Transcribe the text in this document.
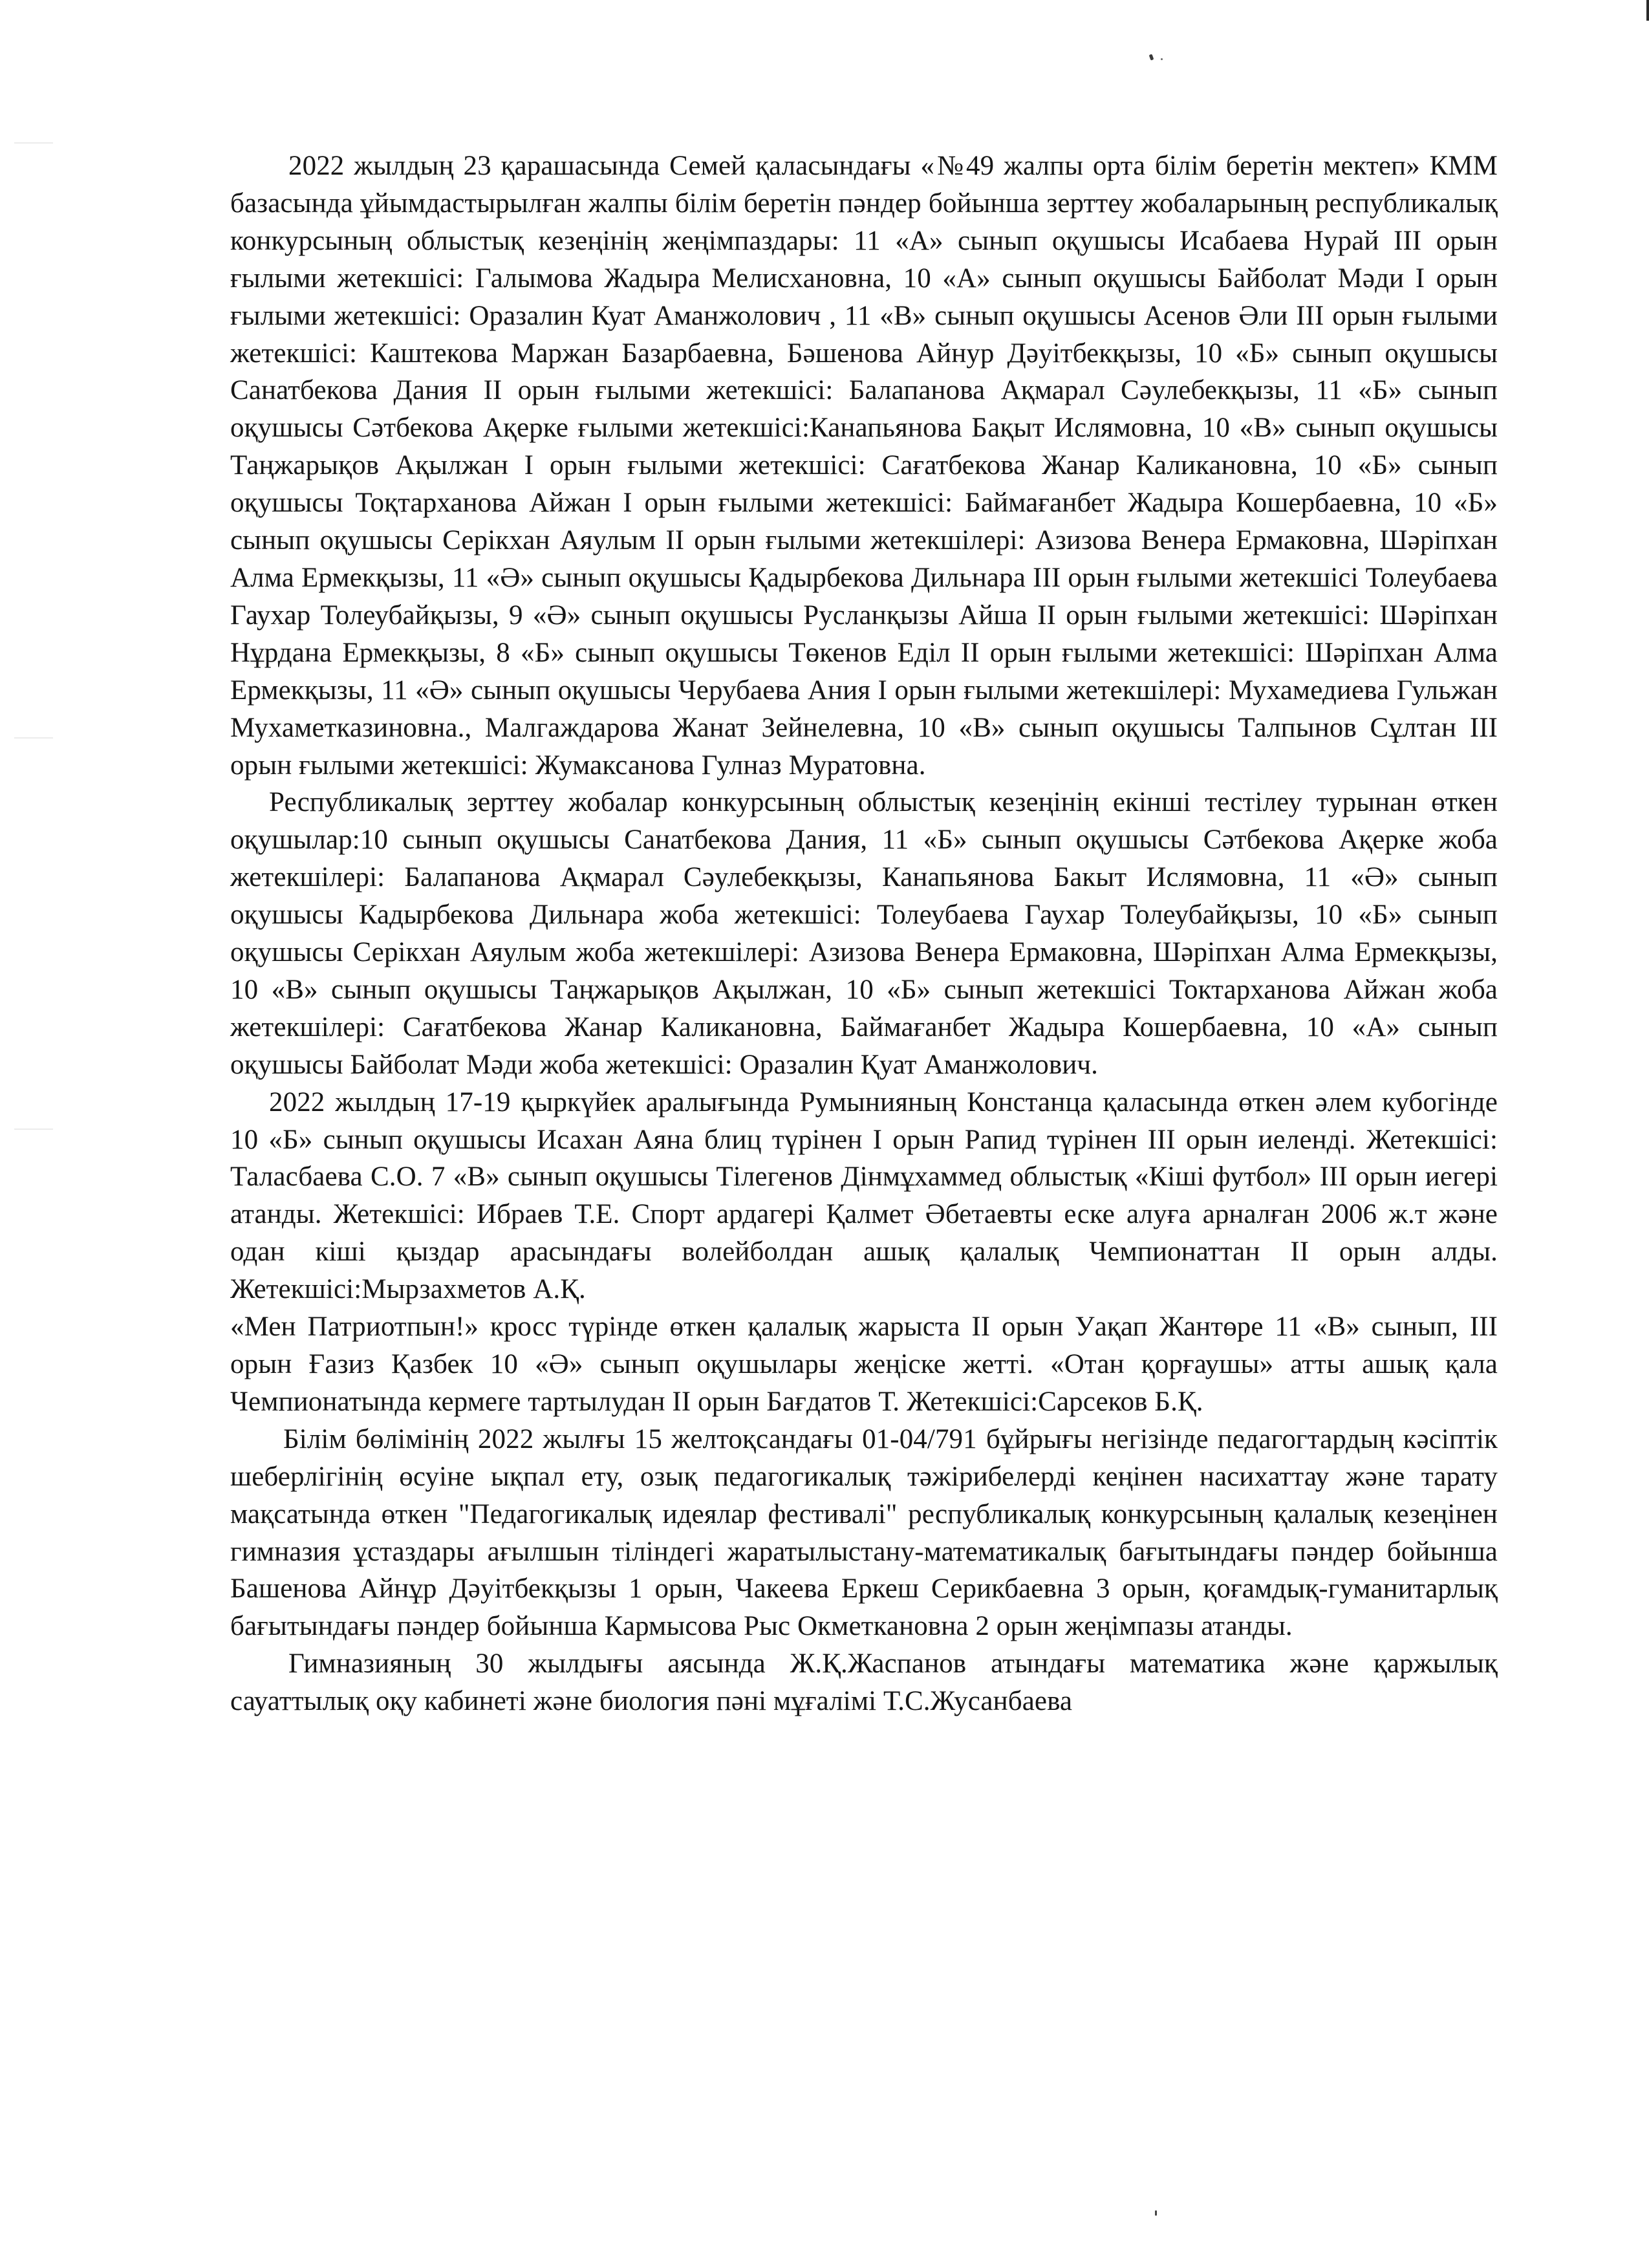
2022 жылдың 23 қарашасында Семей қаласындағы «№49 жалпы орта білім беретін мектеп» КММ базасында ұйымдастырылған жалпы білім беретін пәндер бойынша зерттеу жобаларының республикалық конкурсының облыстық кезеңінің жеңімпаздары: 11 «А» сынып оқушысы Исабаева Нурай ІІІ орын ғылыми жетекшісі: Галымова Жадыра Мелисхановна, 10 «А» сынып оқушысы Байболат Мәди І орын ғылыми жетекшісі: Оразалин Куат Аманжолович , 11 «В» сынып оқушысы Асенов Әли ІІІ орын ғылыми жетекшісі: Каштекова Маржан Базарбаевна, Бәшенова Айнур Дәуітбекқызы, 10 «Б» сынып оқушысы Санатбекова Дания ІІ орын ғылыми жетекшісі: Балапанова Ақмарал Сәулебекқызы, 11 «Б» сынып оқушысы Сәтбекова Ақерке ғылыми жетекшісі:Канапьянова Бақыт Ислямовна, 10 «В» сынып оқушысы Таңжарықов Ақылжан І орын ғылыми жетекшісі: Сағатбекова Жанар Каликановна, 10 «Б» сынып оқушысы Тоқтарханова Айжан І орын ғылыми жетекшісі: Баймағанбет Жадыра Кошербаевна, 10 «Б» сынып оқушысы Серікхан Аяулым ІІ орын ғылыми жетекшілері: Азизова Венера Ермаковна, Шәріпхан Алма Ермекқызы, 11 «Ә» сынып оқушысы Қадырбекова Дильнара ІІІ орын ғылыми жетекшісі Толеубаева Гаухар Толеубайқызы, 9 «Ә» сынып оқушысы Русланқызы Айша ІІ орын ғылыми жетекшісі: Шәріпхан Нұрдана Ермекқызы, 8 «Б» сынып оқушысы Төкенов Еділ ІІ орын ғылыми жетекшісі: Шәріпхан Алма Ермекқызы, 11 «Ә» сынып оқушысы Черубаева Ания І орын ғылыми жетекшілері: Мухамедиева Гульжан Мухаметказиновна., Малгаждарова Жанат Зейнелевна, 10 «В» сынып оқушысы Талпынов Сұлтан ІІІ орын ғылыми жетекшісі: Жумаксанова Гулназ Муратовна.

Республикалық зерттеу жобалар конкурсының облыстық кезеңінің екінші тестілеу турынан өткен оқушылар:10 сынып оқушысы Санатбекова Дания, 11 «Б» сынып оқушысы Сәтбекова Ақерке жоба жетекшілері: Балапанова Ақмарал Сәулебекқызы, Канапьянова Бакыт Ислямовна, 11 «Ә» сынып оқушысы Кадырбекова Дильнара жоба жетекшісі: Толеубаева Гаухар Толеубайқызы, 10 «Б» сынып оқушысы Серікхан Аяулым жоба жетекшілері: Азизова Венера Ермаковна, Шәріпхан Алма Ермекқызы, 10 «В» сынып оқушысы Таңжарықов Ақылжан, 10 «Б» сынып жетекшісі Токтарханова Айжан жоба жетекшілері: Сағатбекова Жанар Каликановна, Баймағанбет Жадыра Кошербаевна, 10 «А» сынып оқушысы Байболат Мәди жоба жетекшісі: Оразалин Қуат Аманжолович.

2022 жылдың 17-19 қыркүйек аралығында Румынияның Констанца қаласында өткен әлем кубогінде 10 «Б» сынып оқушысы Исахан Аяна блиц түрінен І орын Рапид түрінен ІІІ орын иеленді. Жетекшісі: Таласбаева С.О. 7 «В» сынып оқушысы Тілегенов Дінмұхаммед облыстық «Кіші футбол» ІІІ орын иегері атанды. Жетекшісі: Ибраев Т.Е. Спорт ардагері Қалмет Әбетаевты еске алуға арналған 2006 ж.т және одан кіші қыздар арасындағы волейболдан ашық қалалық Чемпионаттан ІІ орын алды. Жетекшісі:Мырзахметов А.Қ.

«Мен Патриотпын!» кросс түрінде өткен қалалық жарыста ІІ орын Уақап Жантөре 11 «В» сынып, ІІІ орын Ғазиз Қазбек 10 «Ә» сынып оқушылары жеңіске жетті. «Отан қорғаушы» атты ашық қала Чемпионатында кермеге тартылудан ІІ орын Бағдатов Т. Жетекшісі:Сарсеков Б.Қ.

Білім бөлімінің 2022 жылғы 15 желтоқсандағы 01-04/791 бұйрығы негізінде педагогтардың кәсіптік шеберлігінің өсуіне ықпал ету, озық педагогикалық тәжірибелерді кеңінен насихаттау және тарату мақсатында өткен "Педагогикалық идеялар фестивалі" республикалық конкурсының қалалық кезеңінен гимназия ұстаздары ағылшын тіліндегі жаратылыстану-математикалық бағытындағы пәндер бойынша Башенова Айнұр Дәуітбекқызы 1 орын, Чакеева Еркеш Серикбаевна 3 орын, қоғамдық-гуманитарлық бағытындағы пәндер бойынша Кармысова Рыс Окметкановна 2 орын жеңімпазы атанды.

Гимназияның 30 жылдығы аясында Ж.Қ.Жаспанов атындағы математика және қаржылық сауаттылық оқу кабинеті және биология пәні мұғалімі Т.С.Жусанбаева
